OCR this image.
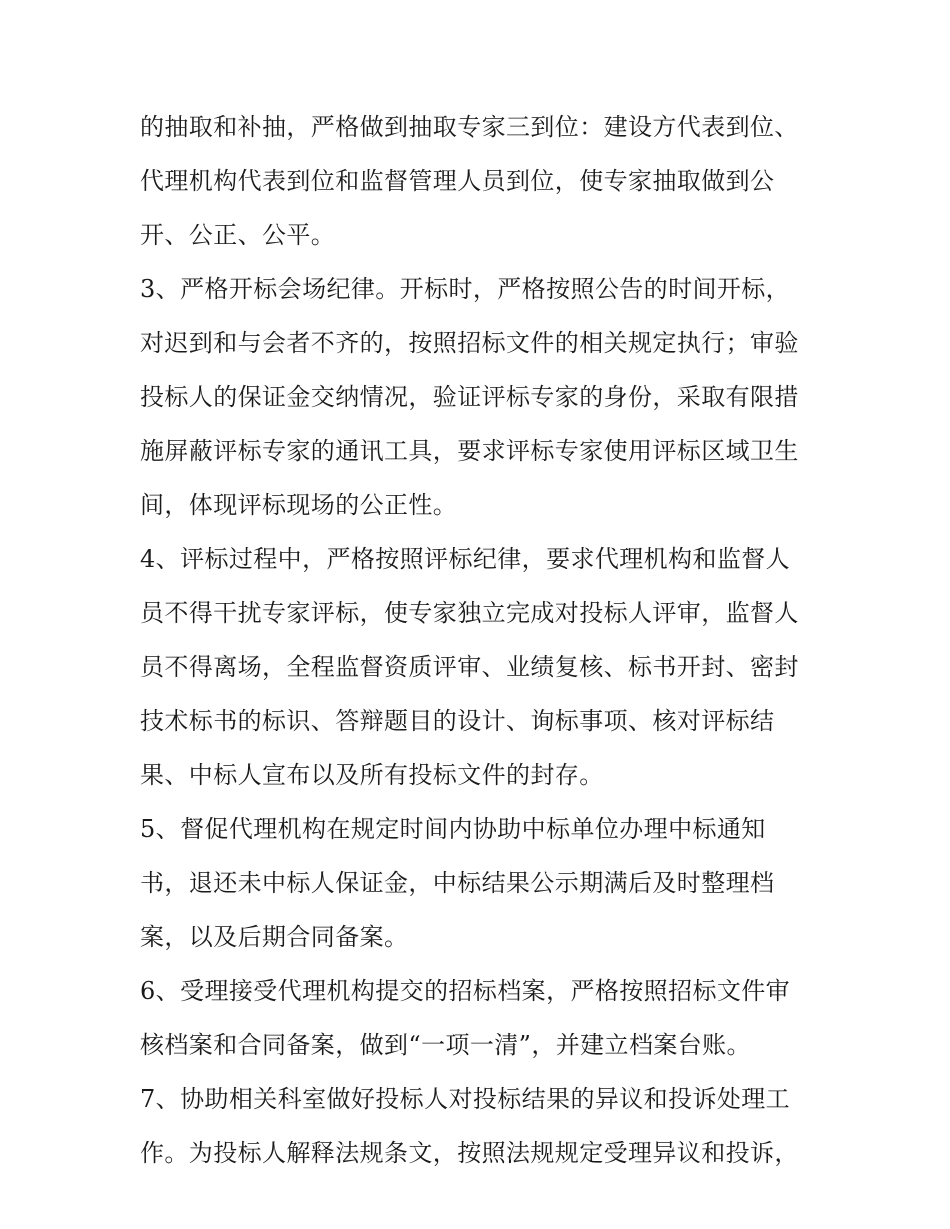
的抽取和补抽，严格做到抽取专家三到位：建设方代表到位、
代理机构代表到位和监督管理人员到位，使专家抽取做到公
开、公正、公平。
3、严格开标会场纪律。开标时，严格按照公告的时间开标，
对迟到和与会者不齐的，按照招标文件的相关规定执行；审验
投标人的保证金交纳情况，验证评标专家的身份，采取有限措
施屏蔽评标专家的通讯工具，要求评标专家使用评标区域卫生
间，体现评标现场的公正性。
4、评标过程中，严格按照评标纪律，要求代理机构和监督人
员不得干扰专家评标，使专家独立完成对投标人评审，监督人
员不得离场，全程监督资质评审、业绩复核、标书开封、密封
技术标书的标识、答辩题目的设计、询标事项、核对评标结
果、中标人宣布以及所有投标文件的封存。
5、督促代理机构在规定时间内协助中标单位办理中标通知
书，退还未中标人保证金，中标结果公示期满后及时整理档
案，以及后期合同备案。
6、受理接受代理机构提交的招标档案，严格按照招标文件审
核档案和合同备案，做到“一项一清”，并建立档案台账。
7、协助相关科室做好投标人对投标结果的异议和投诉处理工
作。为投标人解释法规条文，按照法规规定受理异议和投诉，
